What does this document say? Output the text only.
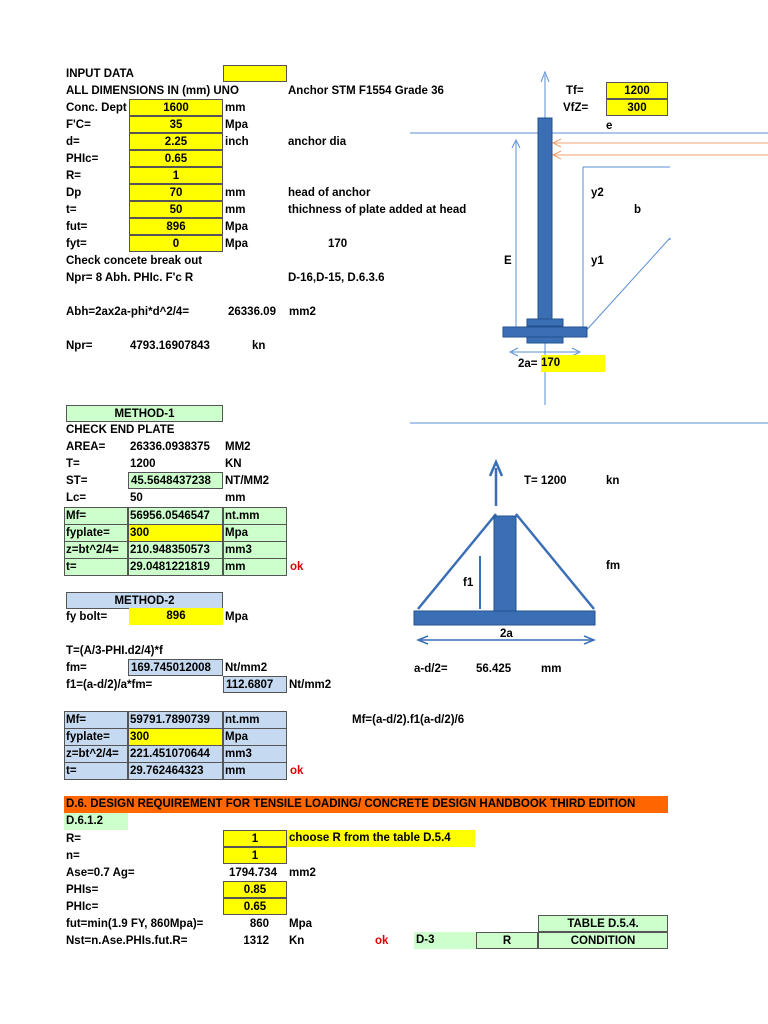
INPUT DATA
ALL DIMENSIONS IN (mm) UNO	Anchor STM F1554 Grade 36
Conc. Dept	1600	mm
F'C=	35	Mpa
d=	2.25	inch	anchor dia
PHIc=	0.65
R=	1
Dp	70	mm	head of anchor
t=	50	mm	thichness of plate added at head
fut=	896	Mpa
fyt=	0	Mpa	170
Check concete break out
Npr= 8 Abh. PHIc. F'c R	D-16,D-15, D.6.3.6
Abh=2ax2a-phi*d^2/4=	26336.09 mm2
Npr=	4793.16907843	kn
Tf=	1200
VfZ=	300
e
y2
b
E	y1
2a= 170
METHOD-1
CHECK END PLATE
AREA= 26336.0938375 MM2
T=	1200	KN
ST=	45.5648437238	NT/MM2
Lc=	50	mm
Mf=	56956.0546547 nt.mm
fyplate= 300	Mpa
z=bt^2/4= 210.948350573 mm3
t=	29.0481221819 mm	ok
T= 1200	kn
fm
f1
2a
a-d/2= 56.425	mm
METHOD-2
fy bolt=	896	Mpa
T=(A/3-PHI.d2/4)*f
fm=	169.745012008	Nt/mm2
f1=(a-d/2)/a*fm=	112.6807	Nt/mm2
Mf=	59791.7890739 nt.mm	Mf=(a-d/2).f1(a-d/2)/6
fyplate= 300	Mpa
z=bt^2/4= 221.451070644 mm3
t=	29.762464323 mm	ok
D.6. DESIGN REQUIREMENT FOR TENSILE LOADING/ CONCRETE DESIGN HANDBOOK THIRD EDITION
D.6.1.2
R=	1	choose R from the table D.5.4
n=	1
Ase=0.7 Ag=	1794.734 mm2
PHIs=	0.85
PHIc=	0.65
fut=min(1.9 FY, 860Mpa)=	860 Mpa
Nst=n.Ase.PHIs.fut.R=	1312 Kn	ok
TABLE D.5.4.
D-3	R	CONDITION
